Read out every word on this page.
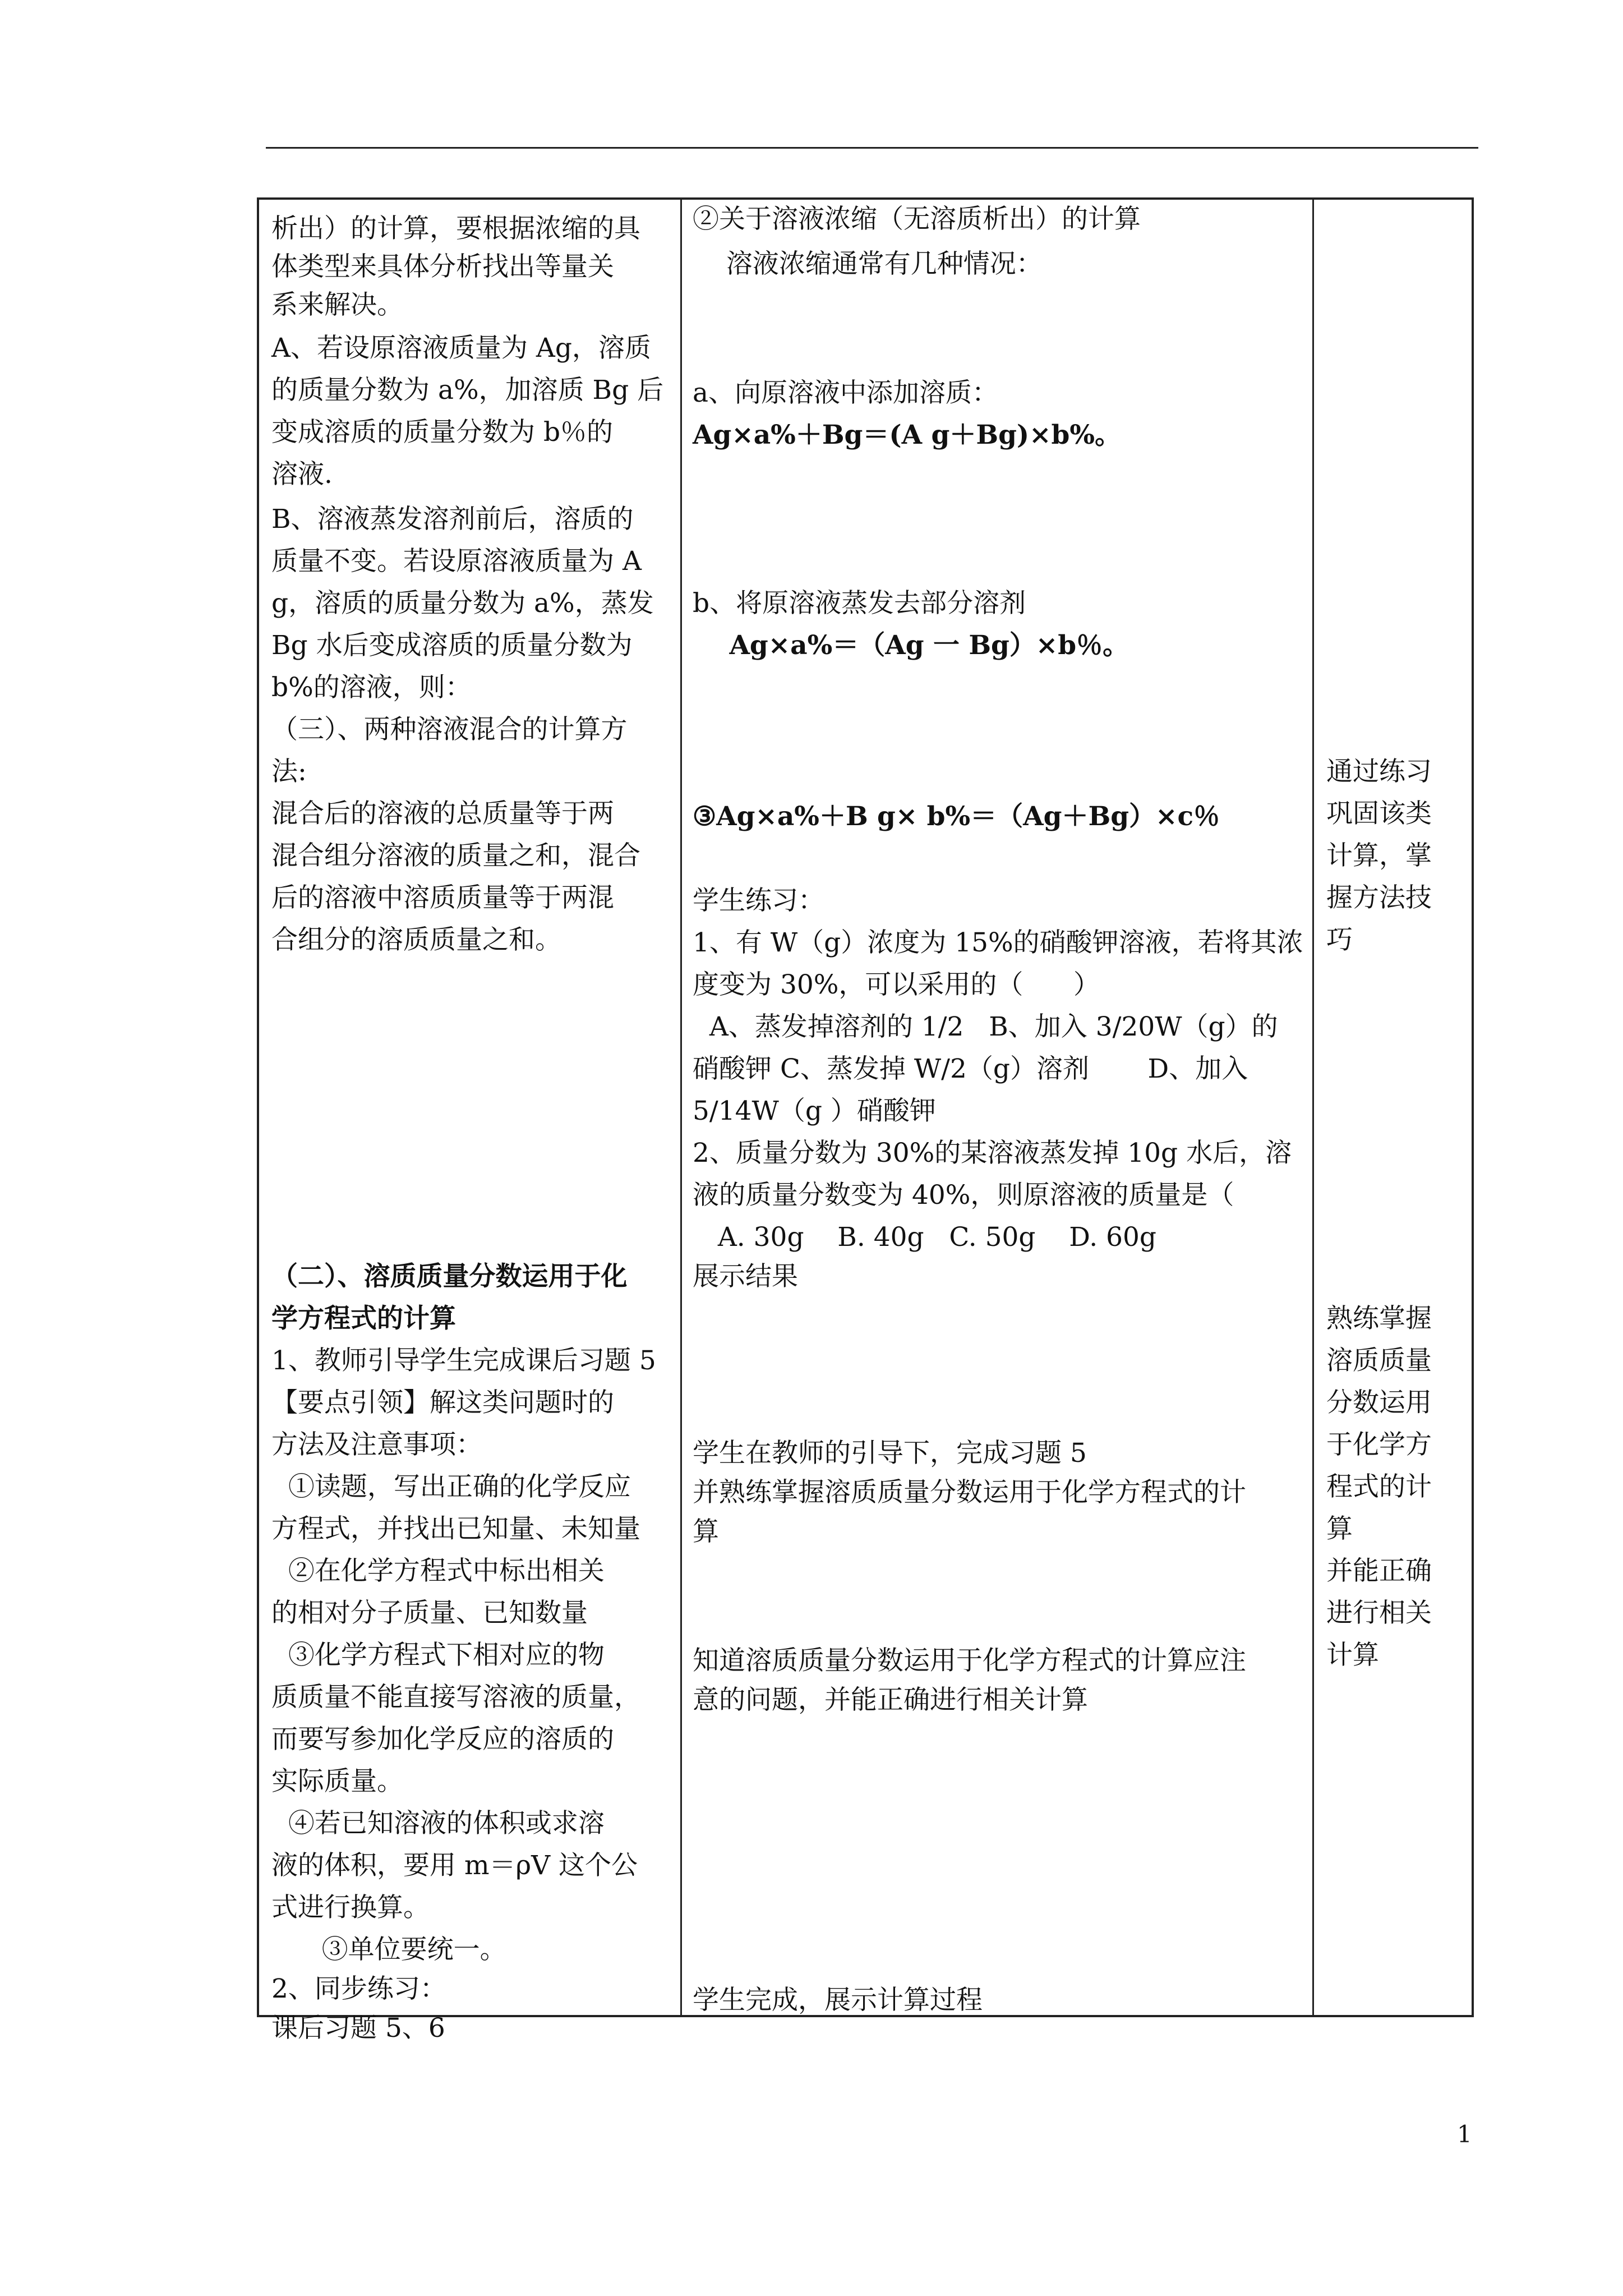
析出）的计算，要根据浓缩的具
体类型来具体分析找出等量关
系来解决。
A、若设原溶液质量为 Ag，溶质
的质量分数为 a%，加溶质 Bg 后
变成溶质的质量分数为 b％的
溶液.
B、溶液蒸发溶剂前后，溶质的
质量不变。若设原溶液质量为 A
g，溶质的质量分数为 a%，蒸发
Bg 水后变成溶质的质量分数为
b%的溶液，则：
（三）、两种溶液混合的计算方
法:
混合后的溶液的总质量等于两
混合组分溶液的质量之和，混合
后的溶液中溶质质量等于两混
合组分的溶质质量之和。
（二）、溶质质量分数运用于化
学方程式的计算
1、教师引导学生完成课后习题 5
【要点引领】解这类问题时的
方法及注意事项：
①读题，写出正确的化学反应
方程式，并找出已知量、未知量
②在化学方程式中标出相关
的相对分子质量、已知数量
③化学方程式下相对应的物
质质量不能直接写溶液的质量，
而要写参加化学反应的溶质的
实际质量。
④若已知溶液的体积或求溶
液的体积，要用 m＝ρV 这个公
式进行换算。
③单位要统一。
2、同步练习：
课后习题 5、6
②关于溶液浓缩（无溶质析出）的计算
溶液浓缩通常有几种情况：
a、向原溶液中添加溶质：
Ag×a%＋Bg＝(A g＋Bg)×b%。
b、将原溶液蒸发去部分溶剂
Ag×a%＝（Ag 一 Bg）×b％。
③Ag×a%＋B g× b%＝（Ag＋Bg）×c％
学生练习：
1、有 W（g）浓度为 15%的硝酸钾溶液，若将其浓
度变为 30%，可以采用的（      ）
A、蒸发掉溶剂的 1/2   B、加入 3/20W（g）的
硝酸钾 C、蒸发掉 W/2（g）溶剂       D、加入
5/14W（g ）硝酸钾
2、质量分数为 30%的某溶液蒸发掉 10g 水后，溶
液的质量分数变为 40%，则原溶液的质量是（
A. 30g    B. 40g   C. 50g    D. 60g
展示结果
学生在教师的引导下，完成习题 5
并熟练掌握溶质质量分数运用于化学方程式的计
算
知道溶质质量分数运用于化学方程式的计算应注
意的问题，并能正确进行相关计算
学生完成，展示计算过程
通过练习
巩固该类
计算，掌
握方法技
巧
熟练掌握
溶质质量
分数运用
于化学方
程式的计
算
并能正确
进行相关
计算
1
